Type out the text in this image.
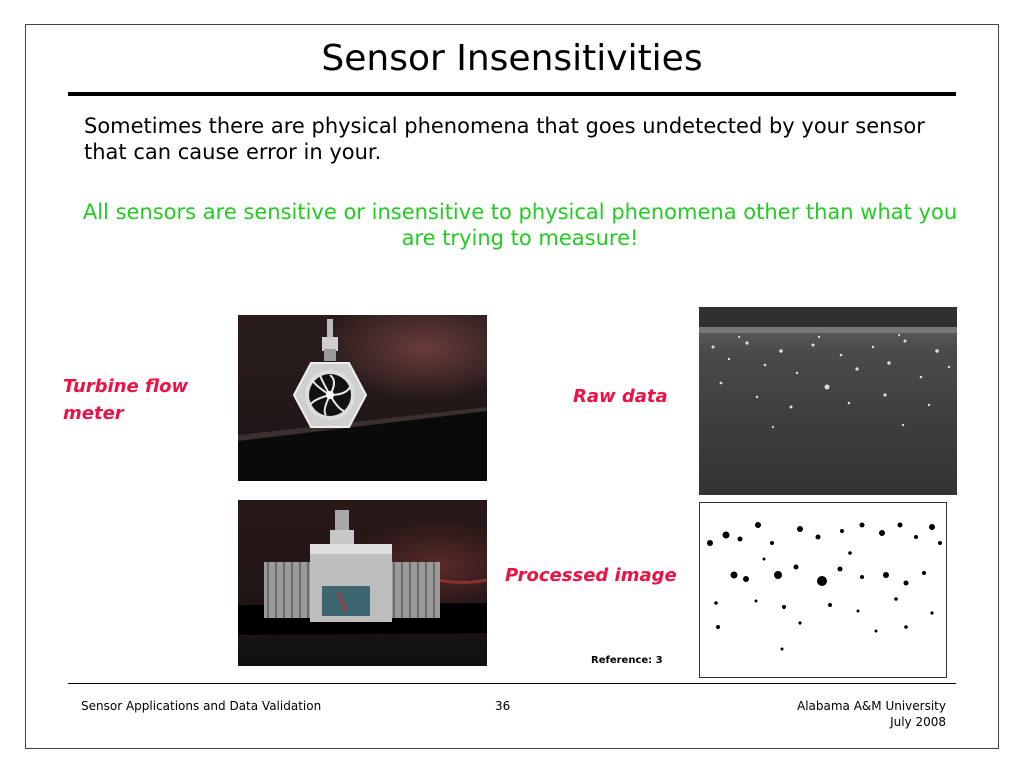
Sensor Insensitivities
Sometimes there are physical phenomena that goes undetected by your sensor that can cause error in your.
All sensors are sensitive or insensitive to physical phenomena other than what you are trying to measure!
Turbine flow meter
Raw data
Processed image
Reference: 3
Sensor Applications and Data Validation	36	Alabama A&M University
July 2008
